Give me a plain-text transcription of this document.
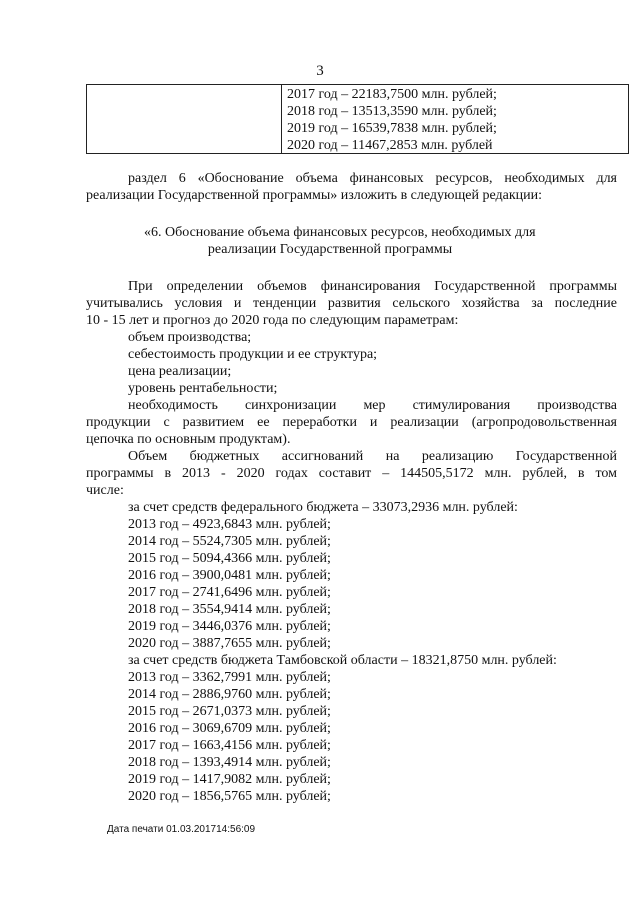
3
2017 год – 22183,7500 млн. рублей;
2018 год – 13513,3590 млн. рублей;
2019 год – 16539,7838 млн. рублей;
2020 год – 11467,2853 млн. рублей
раздел 6 «Обоснование объема финансовых ресурсов, необходимых для
реализации Государственной программы» изложить в следующей редакции:
«6. Обоснование объема финансовых ресурсов, необходимых для
реализации Государственной программы
При определении объемов финансирования Государственной программы
учитывались условия и тенденции развития сельского хозяйства за последние
10 - 15 лет и прогноз до 2020 года по следующим параметрам:
объем производства;
себестоимость продукции и ее структура;
цена реализации;
уровень рентабельности;
необходимость синхронизации мер стимулирования производства
продукции с развитием ее переработки и реализации (агропродовольственная
цепочка по основным продуктам).
Объем бюджетных ассигнований на реализацию Государственной
программы в 2013 - 2020 годах составит – 144505,5172 млн. рублей, в том
числе:
за счет средств федерального бюджета – 33073,2936 млн. рублей:
2013 год – 4923,6843 млн. рублей;
2014 год – 5524,7305 млн. рублей;
2015 год – 5094,4366 млн. рублей;
2016 год – 3900,0481 млн. рублей;
2017 год – 2741,6496 млн. рублей;
2018 год – 3554,9414 млн. рублей;
2019 год – 3446,0376 млн. рублей;
2020 год – 3887,7655 млн. рублей;
за счет средств бюджета Тамбовской области – 18321,8750 млн. рублей:
2013 год – 3362,7991 млн. рублей;
2014 год – 2886,9760 млн. рублей;
2015 год – 2671,0373 млн. рублей;
2016 год – 3069,6709 млн. рублей;
2017 год – 1663,4156 млн. рублей;
2018 год – 1393,4914 млн. рублей;
2019 год – 1417,9082 млн. рублей;
2020 год – 1856,5765 млн. рублей;
Дата печати 01.03.201714:56:09
